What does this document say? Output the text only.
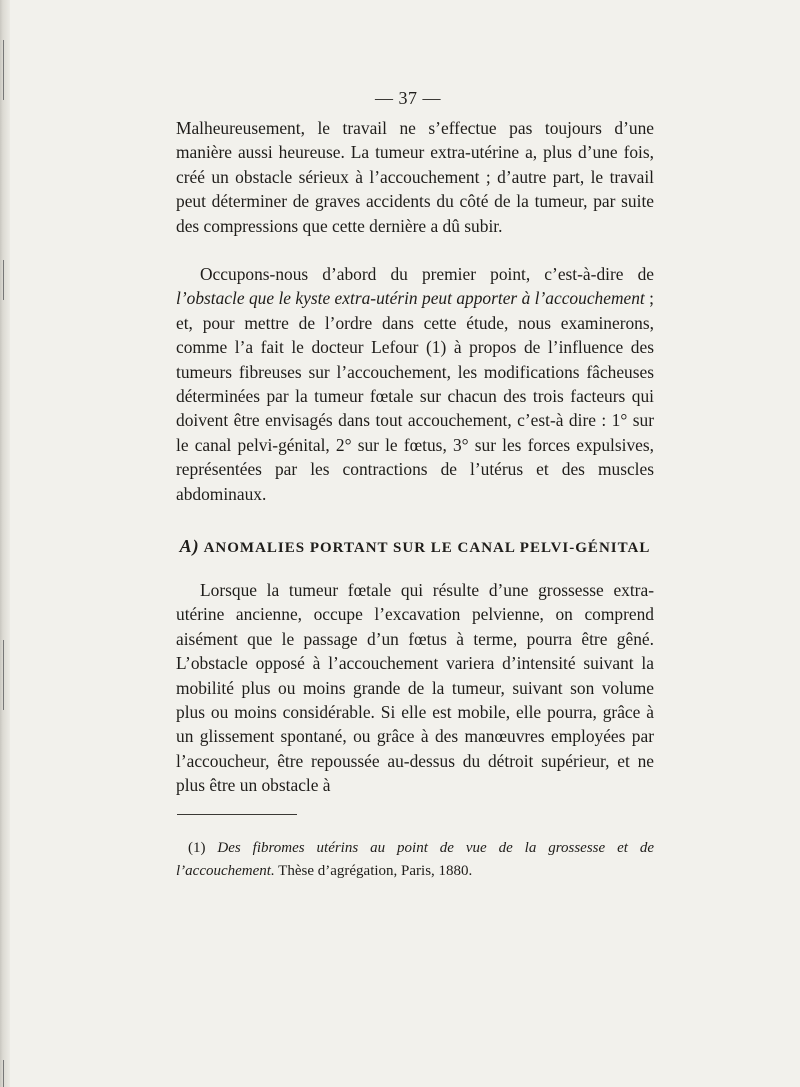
— 37 —

Malheureusement, le travail ne s’effectue pas toujours d’une manière aussi heureuse. La tumeur extra-utérine a, plus d’une fois, créé un obstacle sérieux à l’accouchement ; d’autre part, le travail peut déterminer de graves accidents du côté de la tumeur, par suite des compressions que cette dernière a dû subir.

Occupons-nous d’abord du premier point, c’est-à-dire de l’obstacle que le kyste extra-utérin peut apporter à l’accouchement ; et, pour mettre de l’ordre dans cette étude, nous examinerons, comme l’a fait le docteur Lefour (1) à propos de l’influence des tumeurs fibreuses sur l’accouchement, les modifications fâcheuses déterminées par la tumeur fœtale sur chacun des trois facteurs qui doivent être envisagés dans tout accouchement, c’est-à dire : 1° sur le canal pelvi-génital, 2° sur le fœtus, 3° sur les forces expulsives, représentées par les contractions de l’utérus et des muscles abdominaux.

A) ANOMALIES PORTANT SUR LE CANAL PELVI-GÉNITAL

Lorsque la tumeur fœtale qui résulte d’une grossesse extra-utérine ancienne, occupe l’excavation pelvienne, on comprend aisément que le passage d’un fœtus à terme, pourra être gêné. L’obstacle opposé à l’accouchement variera d’intensité suivant la mobilité plus ou moins grande de la tumeur, suivant son volume plus ou moins considérable. Si elle est mobile, elle pourra, grâce à un glissement spontané, ou grâce à des manœuvres employées par l’accoucheur, être repoussée au-dessus du détroit supérieur, et ne plus être un obstacle à

(1) Des fibromes utérins au point de vue de la grossesse et de l’accouchement. Thèse d’agrégation, Paris, 1880.
